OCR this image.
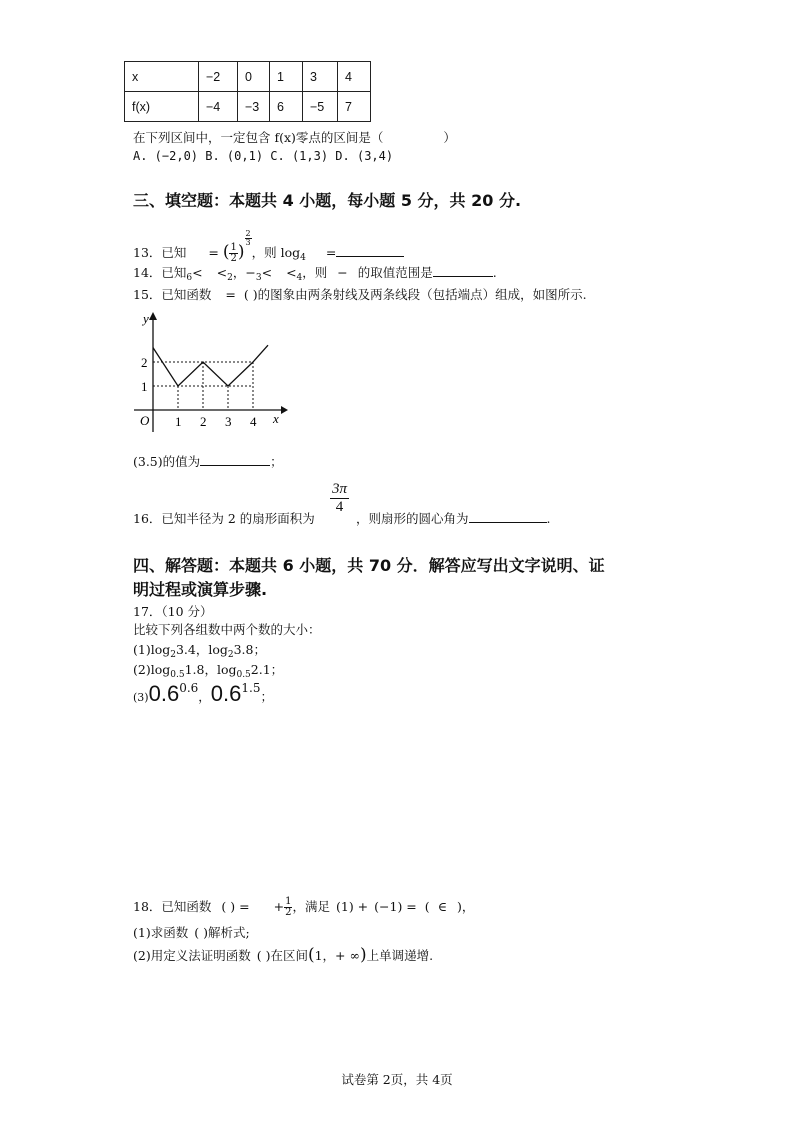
x	−2	0	1	3	4
f(x)	−4	−3	6	−5	7
在下列区间中，一定包含 f(x)零点的区间是（	）
A. (−2,0) B. (0,1) C. (1,3) D. (3,4)
三、填空题：本题共 4 小题，每小题 5 分，共 20 分.
13．已知 = ( $\frac{1}{2}$ )
$\frac{2}{3}$
，则 $\log_4$ =
14．已知$_6< <_2$，$-_3< <_4$，则 − 的取值范围是	.
15．已知函数 = ( )的图象由两条射线及两条线段（包括端点）组成，如图所示.
y
x
O 1 2 3 4
1
2
(3.5)的值为	；
16．已知半径为 2 的扇形面积为
3π
4
，则扇形的圆心角为	.
四、解答题：本题共 6 小题，共 70 分．解答应写出文字说明、证
明过程或演算步骤.
17．（10 分）
比较下列各组数中两个数的大小：
$(1)\log_23.4$，$\log_23.8$；
$(2)\log_{0.5}1.8$，$\log_{0.5}2.1$；
(3)0.60.6，0.61.5；
18．已知函数 ( ) = + $\frac{1}{2}$ ，满足 (1) + (−1) = ( ∈ )，
(1)求函数 ( )解析式;
(2)用定义法证明函数 ( )在区间(1，+ ∞)上单调递增.
试卷第 2页，共 4页
